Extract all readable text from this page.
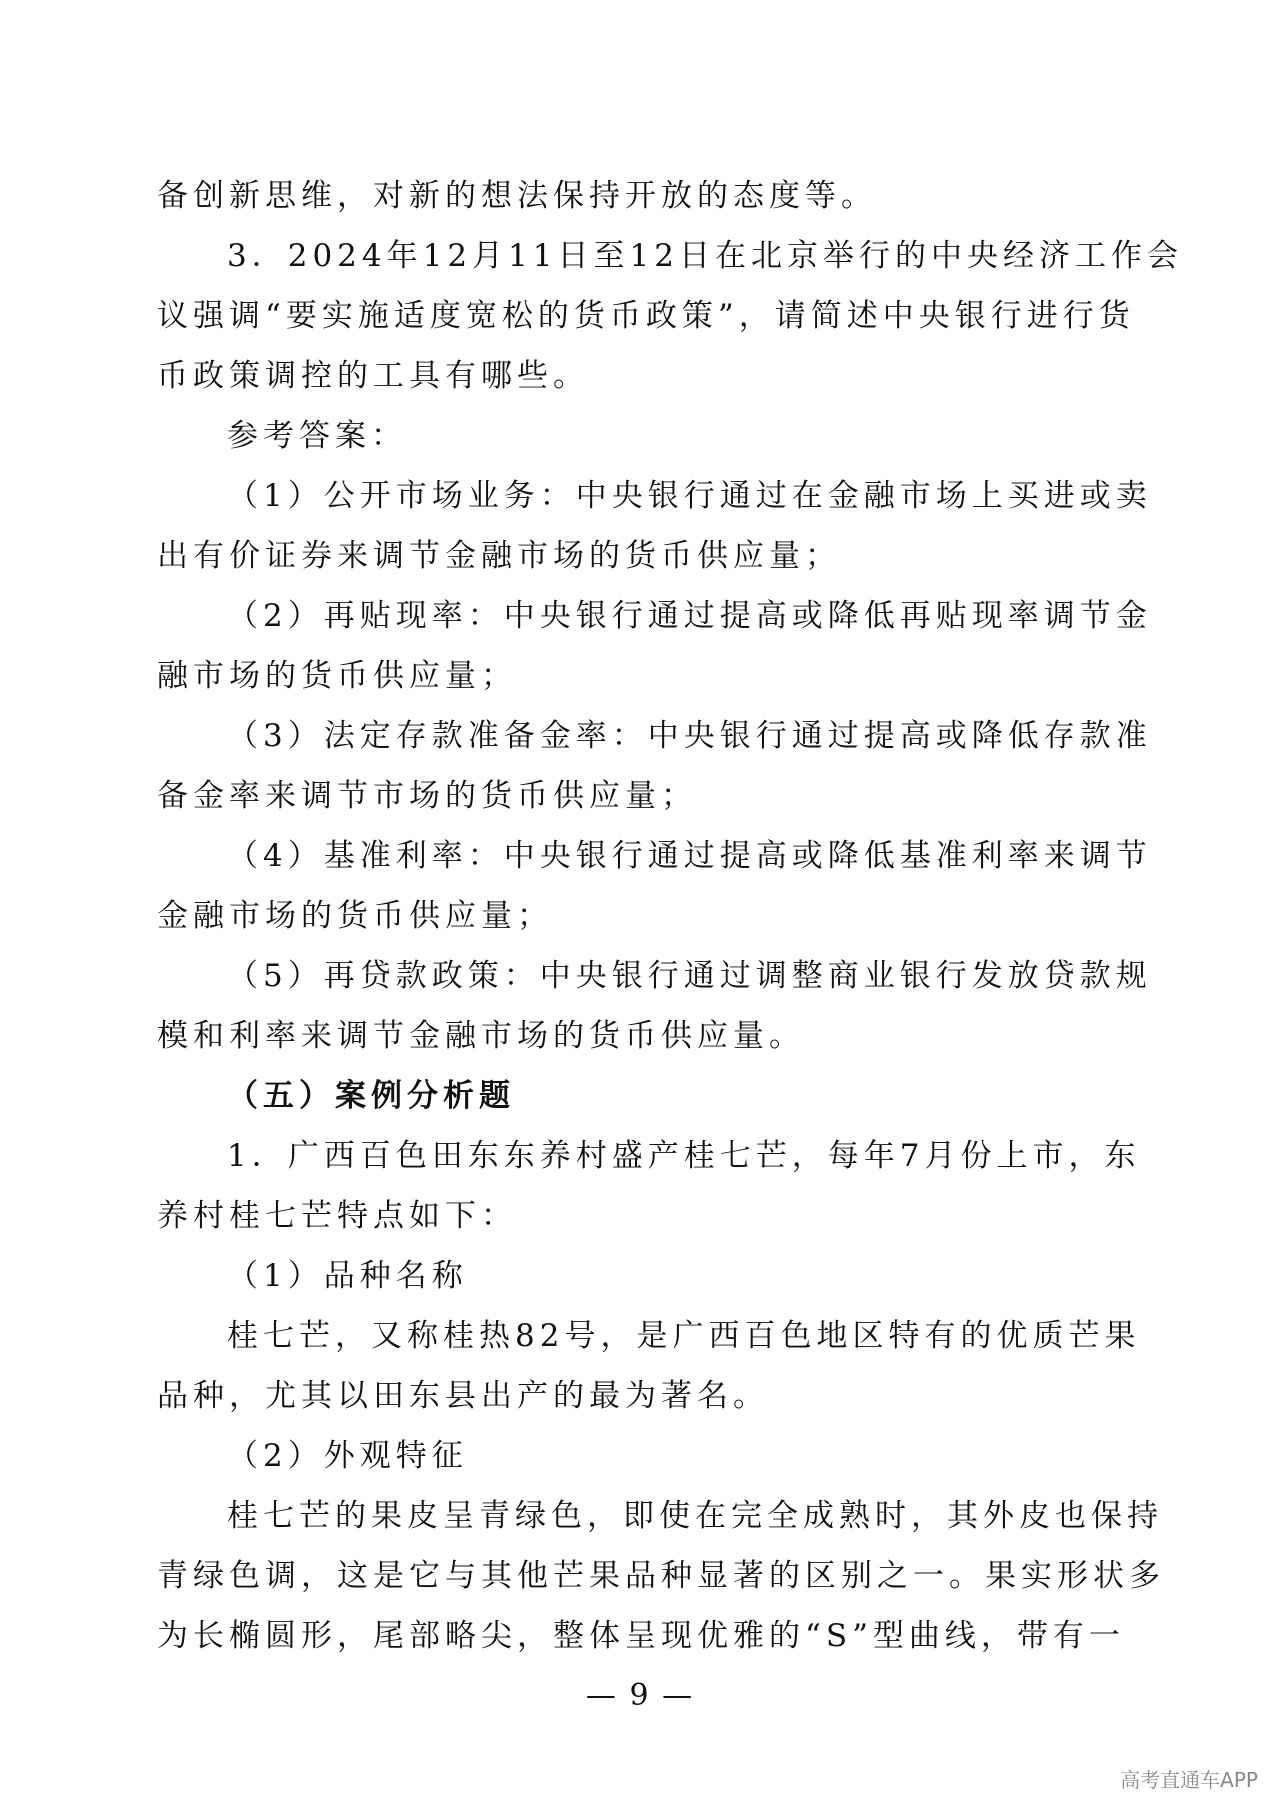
备创新思维，对新的想法保持开放的态度等。
3．2024年12月11日至12日在北京举行的中央经济工作会
议强调“要实施适度宽松的货币政策”，请简述中央银行进行货
币政策调控的工具有哪些。
参考答案：
（1）公开市场业务：中央银行通过在金融市场上买进或卖
出有价证券来调节金融市场的货币供应量；
（2）再贴现率：中央银行通过提高或降低再贴现率调节金
融市场的货币供应量；
（3）法定存款准备金率：中央银行通过提高或降低存款准
备金率来调节市场的货币供应量；
（4）基准利率：中央银行通过提高或降低基准利率来调节
金融市场的货币供应量；
（5）再贷款政策：中央银行通过调整商业银行发放贷款规
模和利率来调节金融市场的货币供应量。
（五）案例分析题
1．广西百色田东东养村盛产桂七芒，每年7月份上市，东
养村桂七芒特点如下：
（1）品种名称
桂七芒，又称桂热82号，是广西百色地区特有的优质芒果
品种，尤其以田东县出产的最为著名。
（2）外观特征
桂七芒的果皮呈青绿色，即使在完全成熟时，其外皮也保持
青绿色调，这是它与其他芒果品种显著的区别之一。果实形状多
为长椭圆形，尾部略尖，整体呈现优雅的“S”型曲线，带有一
— 9 —
高考直通车APP
